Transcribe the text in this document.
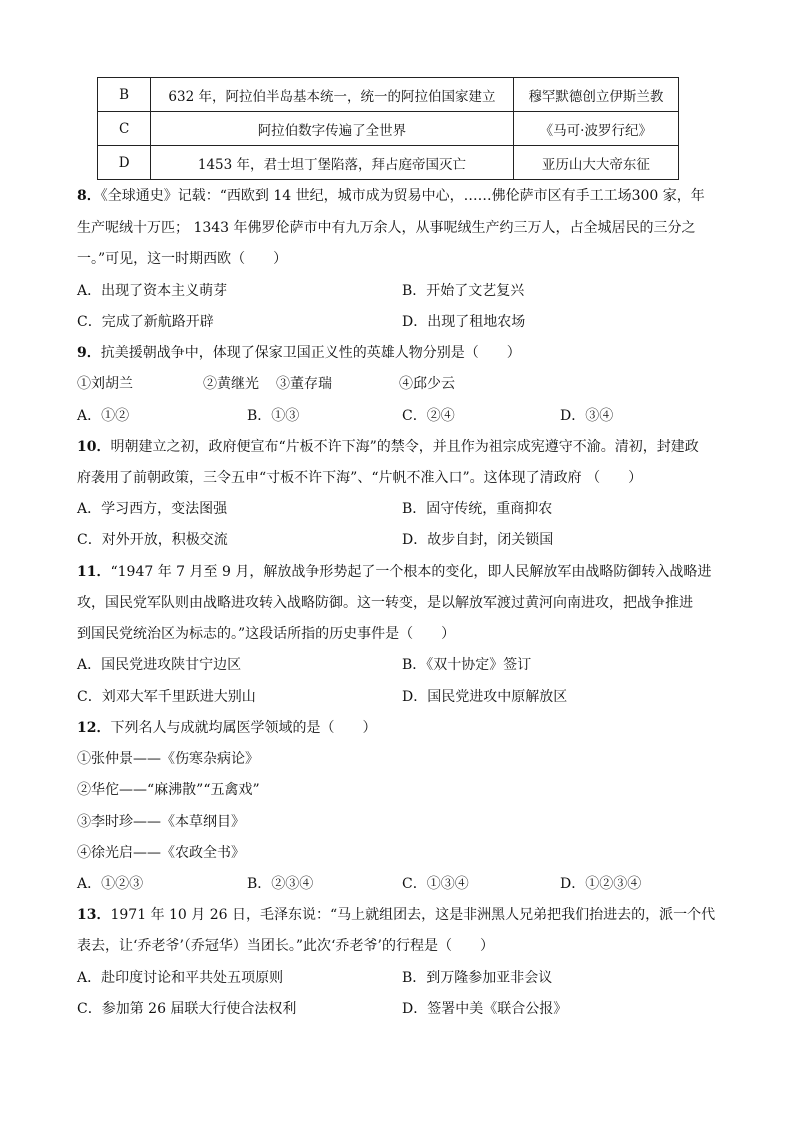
B	632 年，阿拉伯半岛基本统一，统一的阿拉伯国家建立	穆罕默德创立伊斯兰教
C	阿拉伯数字传遍了全世界	《马可·波罗行纪》
D	1453 年，君士坦丁堡陷落，拜占庭帝国灭亡	亚历山大大帝东征
8．《全球通史》记载：“西欧到 14 世纪，城市成为贸易中心，……佛伦萨市区有手工工场300 家，年
生产呢绒十万匹； 1343 年佛罗伦萨市中有九万余人，从事呢绒生产约三万人，占全城居民的三分之
一。”可见，这一时期西欧（　　）
A．出现了资本主义萌芽	B．开始了文艺复兴
C．完成了新航路开辟	D．出现了租地农场
9．抗美援朝战争中，体现了保家卫国正义性的英雄人物分别是（　　）
①刘胡兰	②黄继光 ③董存瑞	④邱少云
A．①②	B．①③	C．②④	D．③④
10．明朝建立之初，政府便宣布“片板不许下海”的禁令，并且作为祖宗成宪遵守不渝。清初，封建政
府袭用了前朝政策，三令五申“寸板不许下海”、“片帆不准入口”。这体现了清政府 （　　）
A．学习西方，变法图强	B．固守传统，重商抑农
C．对外开放，积极交流	D．故步自封，闭关锁国
11．“1947 年 7 月至 9 月，解放战争形势起了一个根本的变化，即人民解放军由战略防御转入战略进
攻，国民党军队则由战略进攻转入战略防御。这一转变，是以解放军渡过黄河向南进攻，把战争推进
到国民党统治区为标志的。”这段话所指的历史事件是（　　）
A．国民党进攻陕甘宁边区	B．《双十协定》签订
C．刘邓大军千里跃进大别山	D．国民党进攻中原解放区
12．下列名人与成就均属医学领域的是（　　）
①张仲景——《伤寒杂病论》
②华佗——“麻沸散”“五禽戏”
③李时珍——《本草纲目》
④徐光启——《农政全书》
A．①②③	B．②③④	C．①③④	D．①②③④
13．1971 年 10 月 26 日，毛泽东说：“马上就组团去，这是非洲黑人兄弟把我们抬进去的，派一个代
表去，让‘乔老爷’（乔冠华）当团长。”此次‘乔老爷’的行程是（　　）
A．赴印度讨论和平共处五项原则	B．到万隆参加亚非会议
C．参加第 26 届联大行使合法权利	D．签署中美《联合公报》
